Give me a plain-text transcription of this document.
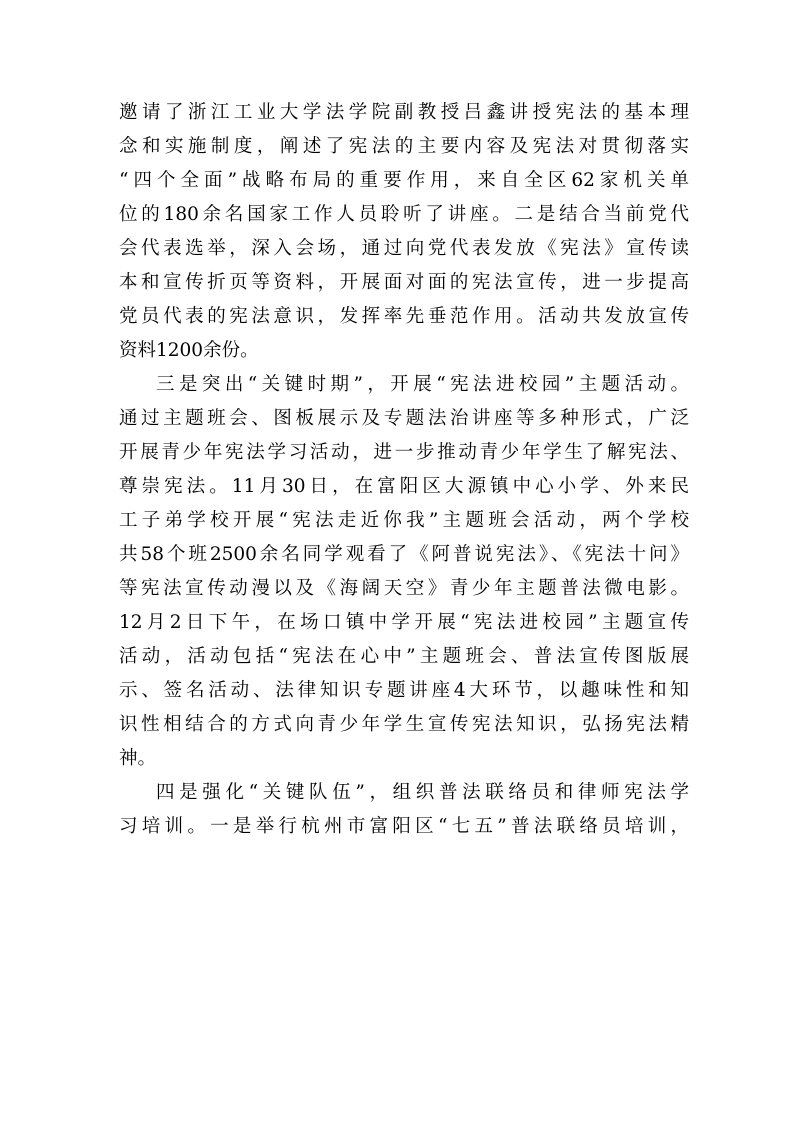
邀请了浙江工业大学法学院副教授吕鑫讲授宪法的基本理
念和实施制度，阐述了宪法的主要内容及宪法对贯彻落实
“四个全面”战略布局的重要作用，来自全区62家机关单
位的180余名国家工作人员聆听了讲座。二是结合当前党代
会代表选举，深入会场，通过向党代表发放《宪法》宣传读
本和宣传折页等资料，开展面对面的宪法宣传，进一步提高
党员代表的宪法意识，发挥率先垂范作用。活动共发放宣传
资料1200余份。
三是突出“关键时期”，开展“宪法进校园”主题活动。
通过主题班会、图板展示及专题法治讲座等多种形式，广泛
开展青少年宪法学习活动，进一步推动青少年学生了解宪法、
尊崇宪法。11月30日，在富阳区大源镇中心小学、外来民
工子弟学校开展“宪法走近你我”主题班会活动，两个学校
共58个班2500余名同学观看了《阿普说宪法》、《宪法十问》
等宪法宣传动漫以及《海阔天空》青少年主题普法微电影。
12月2日下午，在场口镇中学开展“宪法进校园”主题宣传
活动，活动包括“宪法在心中”主题班会、普法宣传图版展
示、签名活动、法律知识专题讲座4大环节，以趣味性和知
识性相结合的方式向青少年学生宣传宪法知识，弘扬宪法精
神。
四是强化“关键队伍”，组织普法联络员和律师宪法学
习培训。一是举行杭州市富阳区“七五”普法联络员培训，
